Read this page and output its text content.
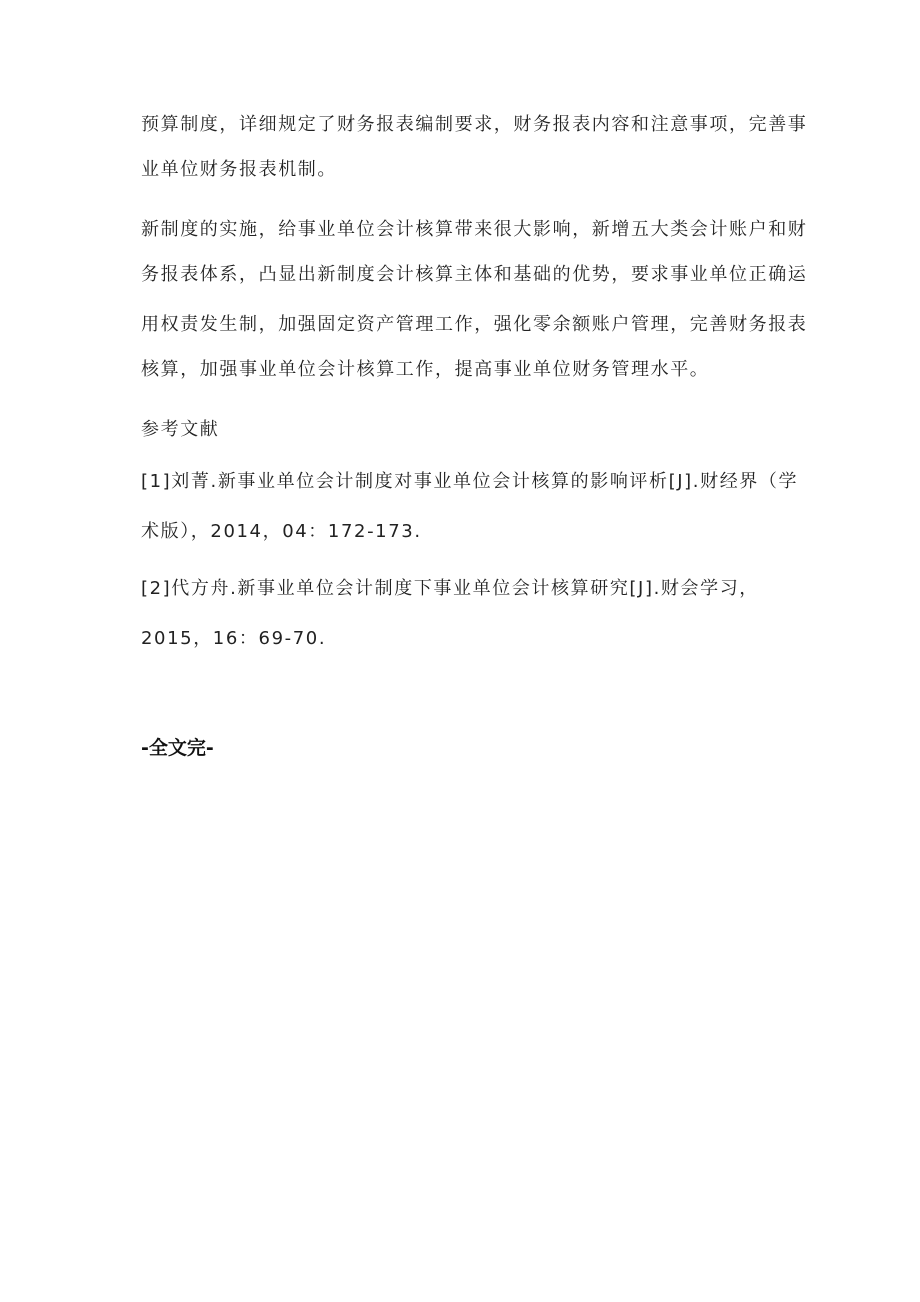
预算制度，详细规定了财务报表编制要求，财务报表内容和注意事项，完善事
业单位财务报表机制。
新制度的实施，给事业单位会计核算带来很大影响，新增五大类会计账户和财
务报表体系，凸显出新制度会计核算主体和基础的优势，要求事业单位正确运
用权责发生制，加强固定资产管理工作，强化零余额账户管理，完善财务报表
核算，加强事业单位会计核算工作，提高事业单位财务管理水平。
参考文献
[1]刘菁.新事业单位会计制度对事业单位会计核算的影响评析[J].财经界（学
术版），2014，04：172-173.
[2]代方舟.新事业单位会计制度下事业单位会计核算研究[J].财会学习，
2015，16：69-70.
-全文完-
